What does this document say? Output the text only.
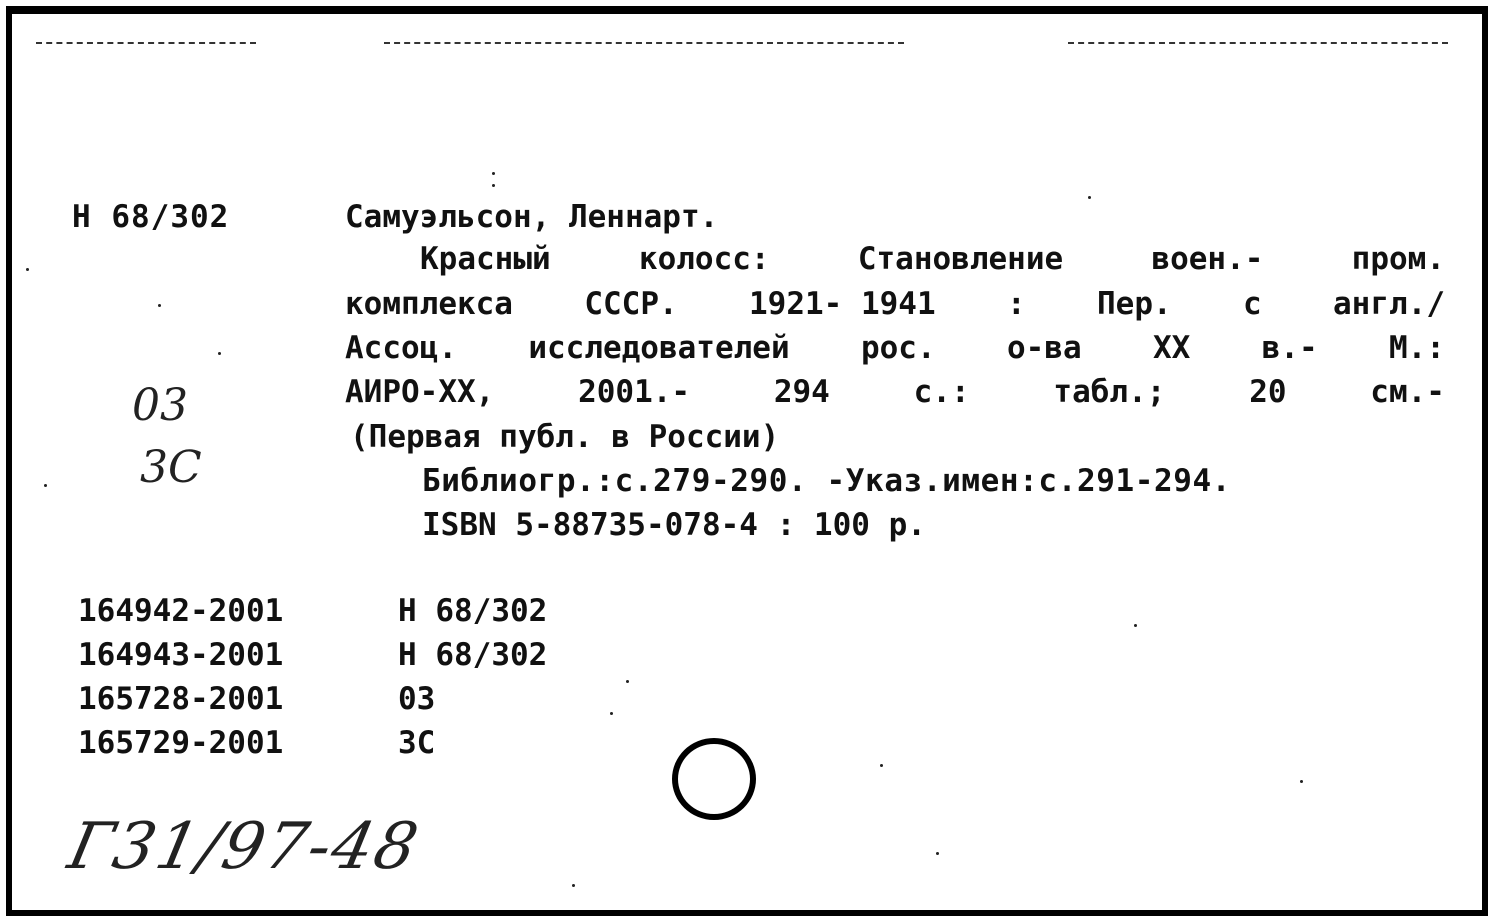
Н 68/302	Самуэльсон, Леннарт.
Красный	колосс:	Становление	воен.-	пром.
комплекса СССР. 1921- 1941 : Пер. с англ./
Ассоц. исследователей рос. о-ва XX в.- М.:
АИРО-XX,	2001.-	294	с.:	табл.;	20	см.-
(Первая публ. в России)
Библиогр.:с.279-290. -Указ.имен:с.291-294.
ISBN 5-88735-078-4 : 100 р.
03
3С
164942-2001	Н 68/302
164943-2001	Н 68/302
165728-2001	03
165729-2001	3С
Г31/97-48
